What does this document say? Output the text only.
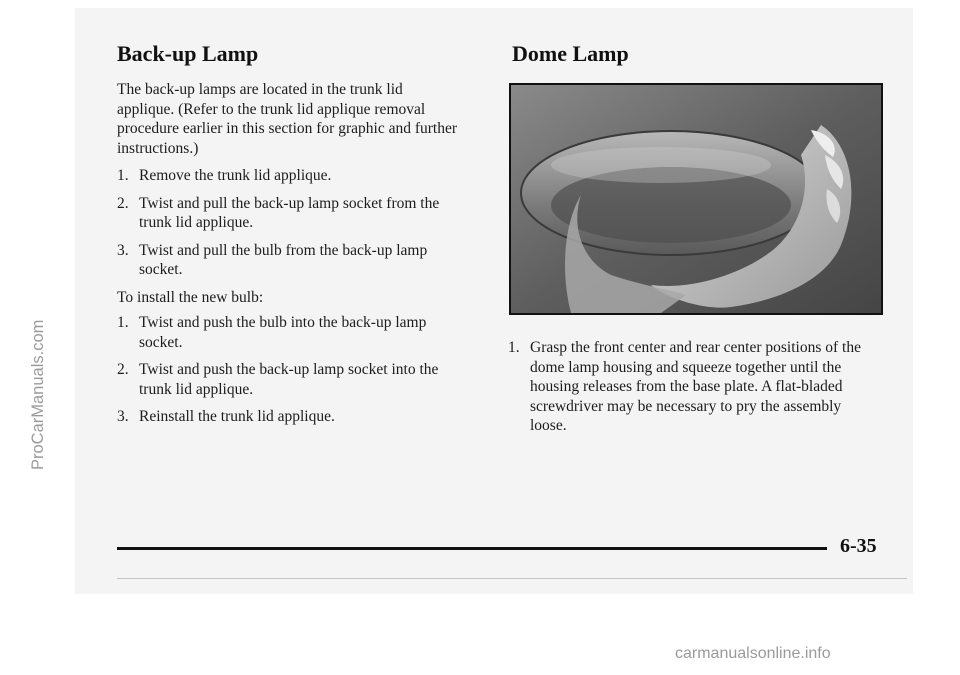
Back-up Lamp	Dome Lamp

The back-up lamps are located in the trunk lid applique. (Refer to the trunk lid applique removal procedure earlier in this section for graphic and further instructions.)

1. Remove the trunk lid applique.
2. Twist and pull the back-up lamp socket from the trunk lid applique.
3. Twist and pull the bulb from the back-up lamp socket.

To install the new bulb:

1. Twist and push the bulb into the back-up lamp socket.
2. Twist and push the back-up lamp socket into the trunk lid applique.
3. Reinstall the trunk lid applique.
1. Grasp the front center and rear center positions of the dome lamp housing and squeeze together until the housing releases from the base plate. A flat-bladed screwdriver may be necessary to pry the assembly loose.
6-35
ProCarManuals.com
carmanualsonline.info
